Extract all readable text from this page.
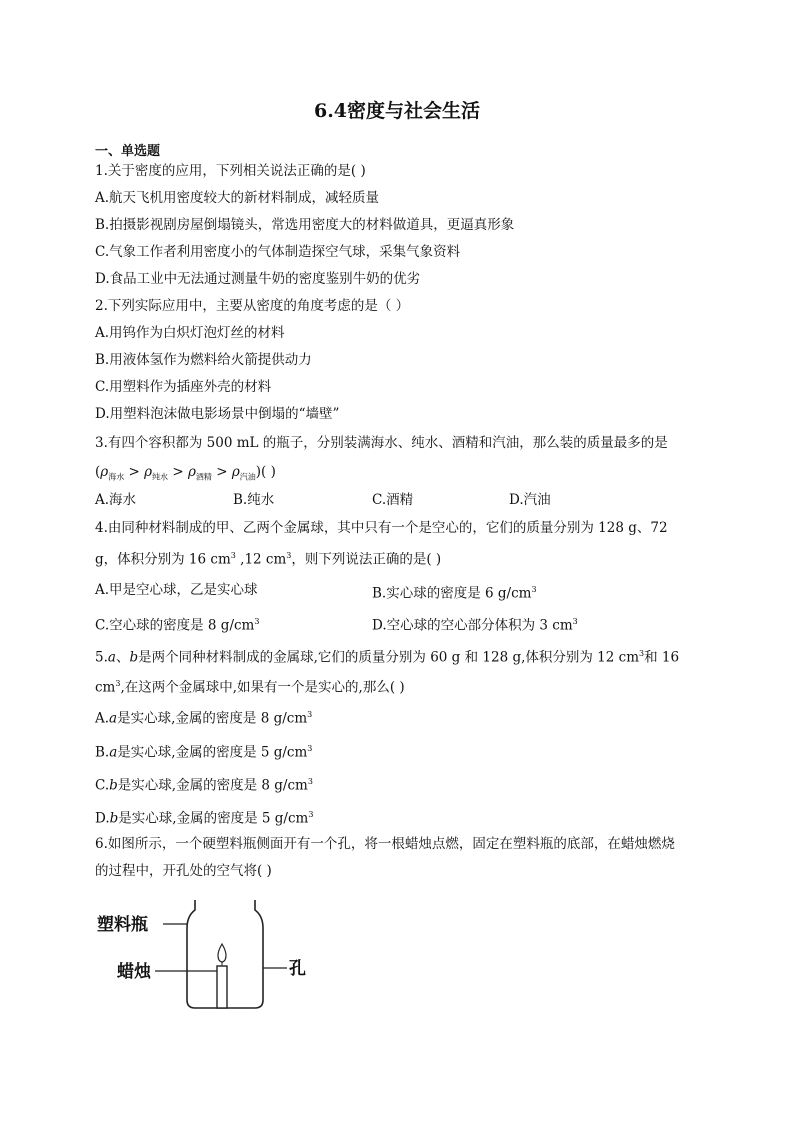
6.4密度与社会生活
一、单选题
1.关于密度的应用，下列相关说法正确的是( )
A.航天飞机用密度较大的新材料制成，减轻质量
B.拍摄影视剧房屋倒塌镜头，常选用密度大的材料做道具，更逼真形象
C.气象工作者利用密度小的气体制造探空气球，采集气象资料
D.食品工业中无法通过测量牛奶的密度鉴别牛奶的优劣
2.下列实际应用中，主要从密度的角度考虑的是（ ）
A.用钨作为白炽灯泡灯丝的材料
B.用液体氢作为燃料给火箭提供动力
C.用塑料作为插座外壳的材料
D.用塑料泡沫做电影场景中倒塌的“墙壁”
3.有四个容积都为 500 mL 的瓶子，分别装满海水、纯水、酒精和汽油，那么装的质量最多的是
$(\rho_{海水} > \rho_{纯水} > \rho_{酒精} > \rho_{汽油})$( )
A.海水	B.纯水	C.酒精	D.汽油
4.由同种材料制成的甲、乙两个金属球，其中只有一个是空心的，它们的质量分别为 128 g、72
g，体积分别为 16 $cm^3$ ,12 $cm^3$，则下列说法正确的是( )
A.甲是空心球，乙是实心球	B.实心球的密度是 6 $g/cm^3$
C.空心球的密度是 8 $g/cm^3$	D.空心球的空心部分体积为 3 $cm^3$
5.a、b是两个同种材料制成的金属球,它们的质量分别为 60 g 和 128 g,体积分别为 12 $cm^3$和 16
$cm^3$,在这两个金属球中,如果有一个是实心的,那么( )
A.a是实心球,金属的密度是 8 $g/cm^3$
B.a是实心球,金属的密度是 5 $g/cm^3$
C.b是实心球,金属的密度是 8 $g/cm^3$
D.b是实心球,金属的密度是 5 $g/cm^3$
6.如图所示，一个硬塑料瓶侧面开有一个孔，将一根蜡烛点燃，固定在塑料瓶的底部，在蜡烛燃烧
的过程中，开孔处的空气将( )
塑料瓶
蜡烛	孔
